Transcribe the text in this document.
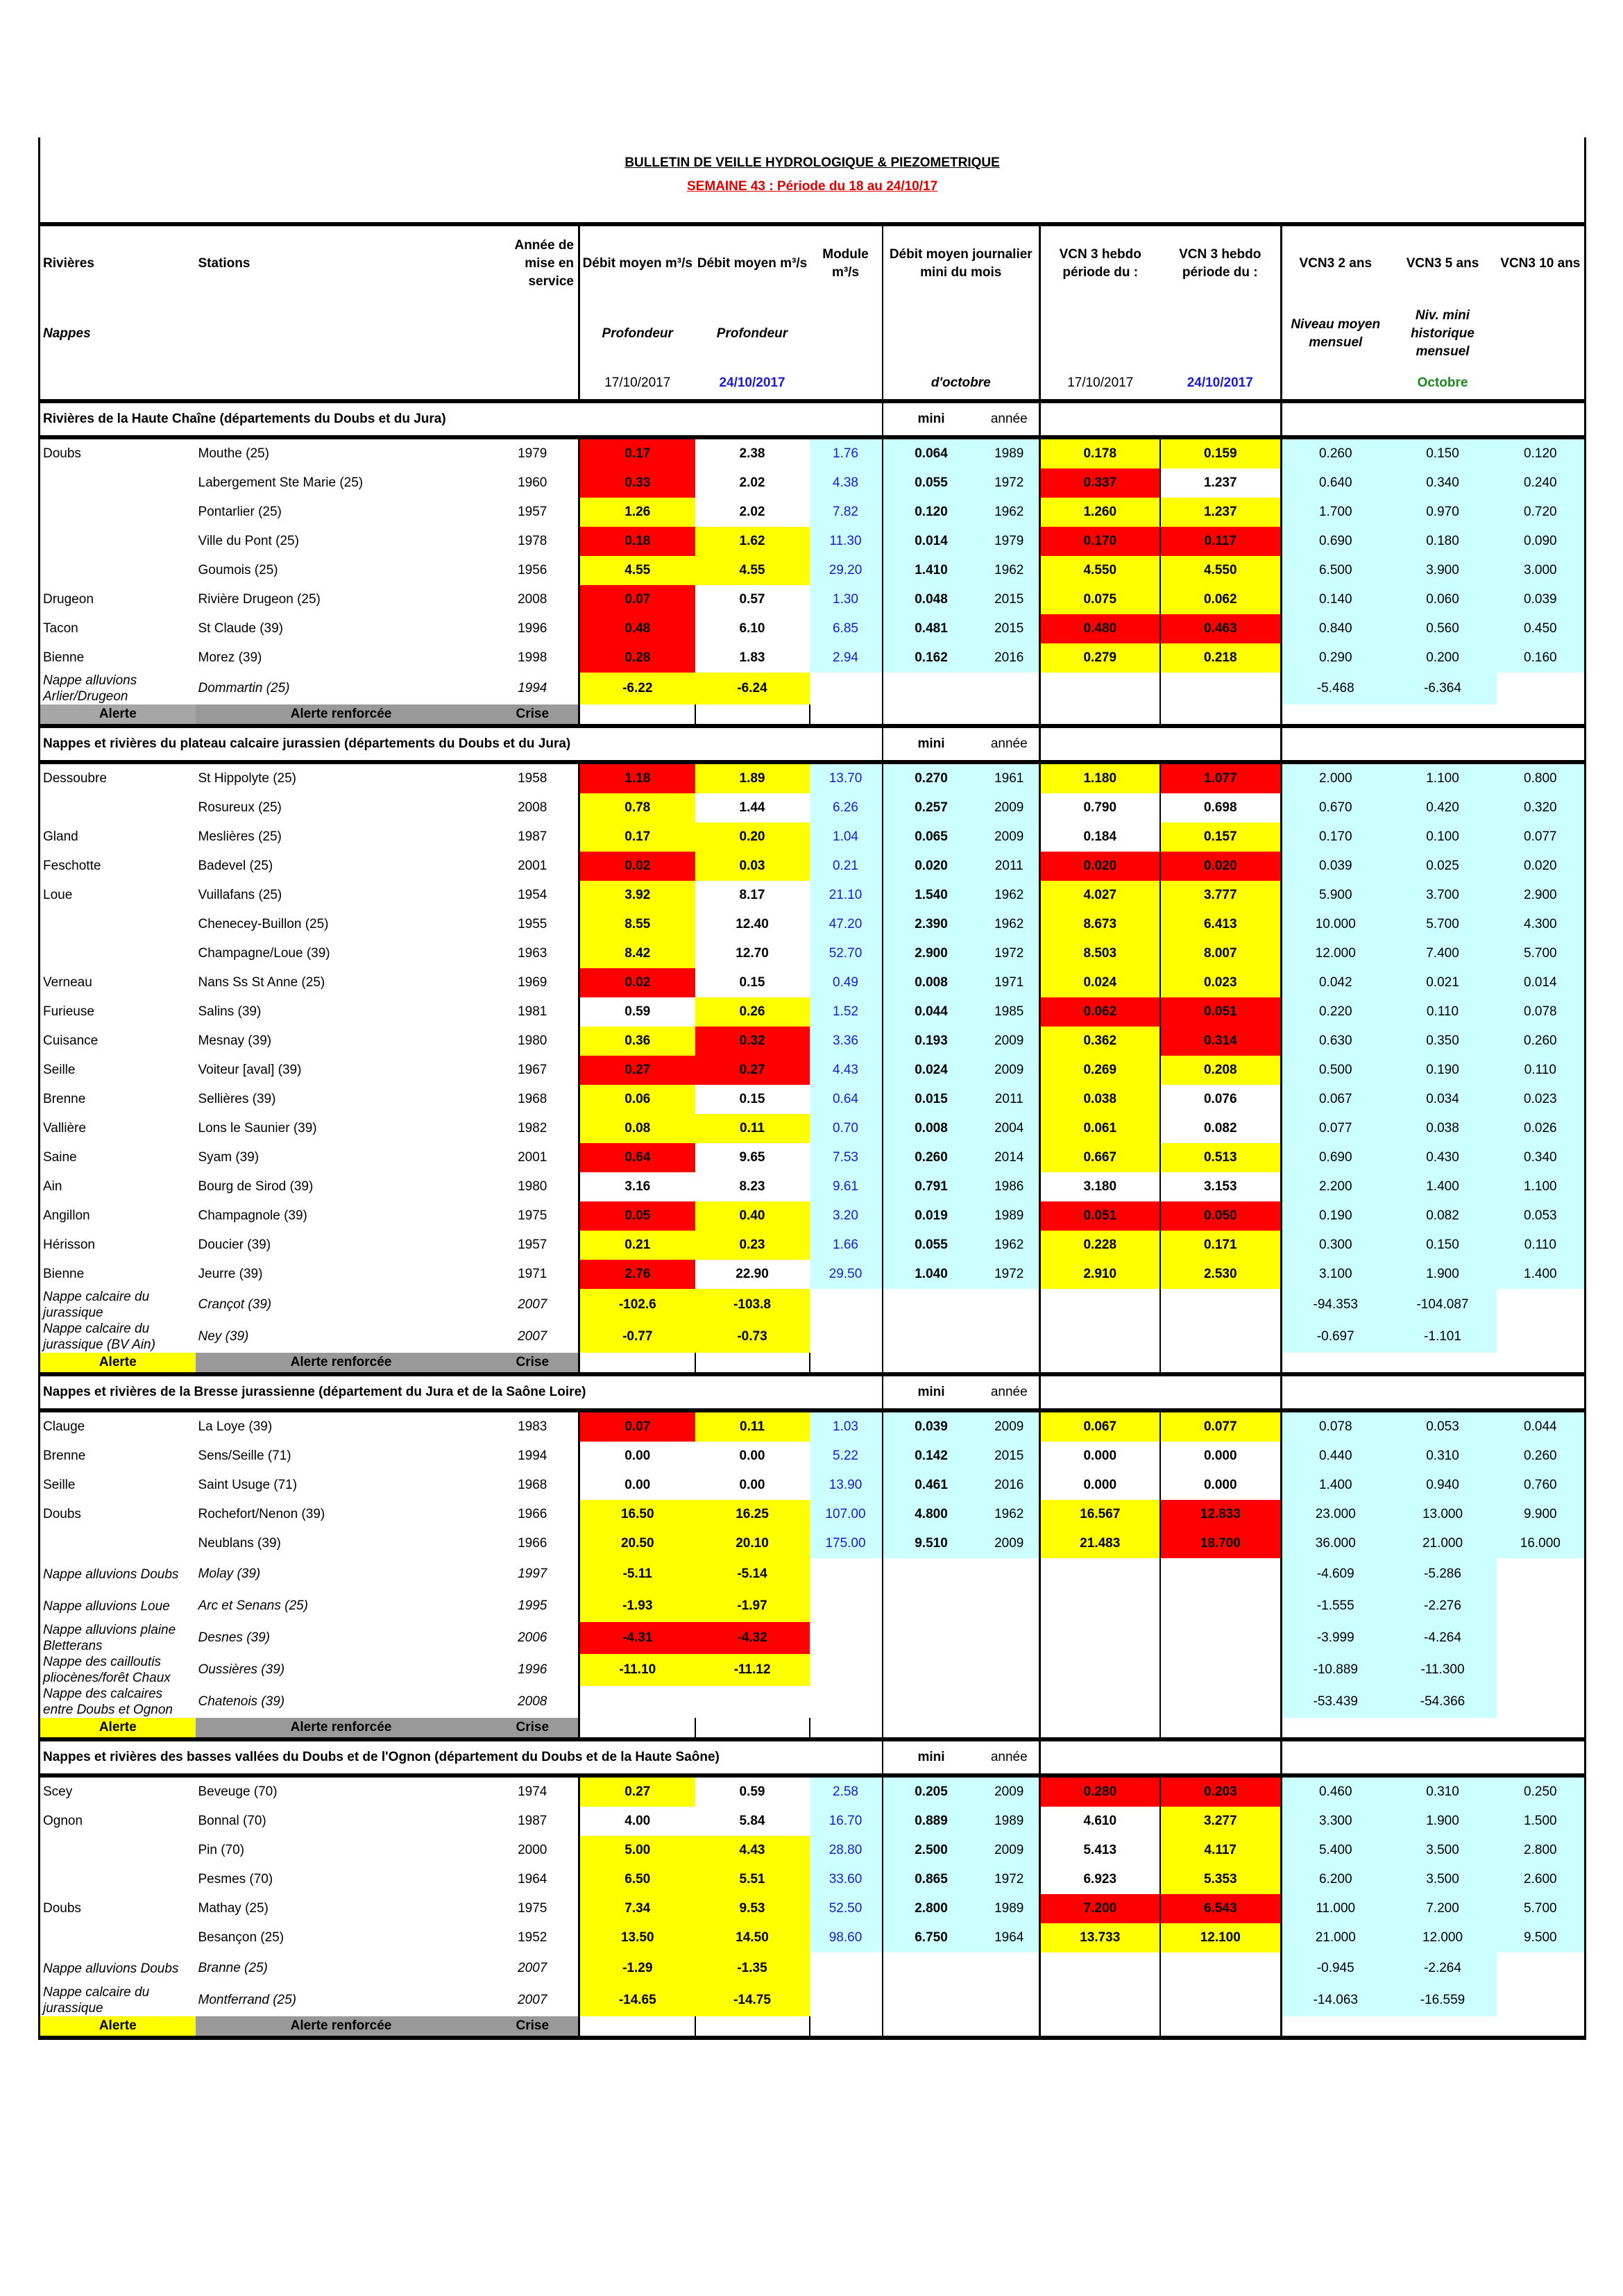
BULLETIN DE VEILLE HYDROLOGIQUE & PIEZOMETRIQUE												
SEMAINE 43 : Période du 18 au 24/10/17												

Rivières	Stations	Année de mise en service	Débit moyen m³/s	Débit moyen m³/s	Module m³/s	Débit moyen journalier mini du mois		VCN 3 hebdo période du :	VCN 3 hebdo période du :	VCN3 2 ans	VCN3 5 ans	VCN3 10 ans
Nappes			Profondeur	Profondeur						Niveau moyen mensuel	Niv. mini historique mensuel	
			17/10/2017	24/10/2017		d'octobre		17/10/2017	24/10/2017		Octobre	
Rivières de la Haute Chaîne (départements du Doubs et du Jura)						mini	année					
Doubs	Mouthe (25)	1979	0.17	2.38	1.76	0.064	1989	0.178	0.159	0.260	0.150	0.120
	Labergement Ste Marie (25)	1960	0.33	2.02	4.38	0.055	1972	0.337	1.237	0.640	0.340	0.240
	Pontarlier (25)	1957	1.26	2.02	7.82	0.120	1962	1.260	1.237	1.700	0.970	0.720
	Ville du Pont (25)	1978	0.18	1.62	11.30	0.014	1979	0.170	0.117	0.690	0.180	0.090
	Goumois (25)	1956	4.55	4.55	29.20	1.410	1962	4.550	4.550	6.500	3.900	3.000
Drugeon	Rivière Drugeon (25)	2008	0.07	0.57	1.30	0.048	2015	0.075	0.062	0.140	0.060	0.039
Tacon	St Claude (39)	1996	0.48	6.10	6.85	0.481	2015	0.480	0.463	0.840	0.560	0.450
Bienne	Morez (39)	1998	0.28	1.83	2.94	0.162	2016	0.279	0.218	0.290	0.200	0.160
Nappe alluvions Arlier/Drugeon	Dommartin (25)	1994	-6.22	-6.24						-5.468	-6.364	
Alerte	Alerte renforcée	Crise										
Nappes et rivières du plateau calcaire jurassien (départements du Doubs et du Jura)						mini	année					
Dessoubre	St Hippolyte (25)	1958	1.18	1.89	13.70	0.270	1961	1.180	1.077	2.000	1.100	0.800
	Rosureux (25)	2008	0.78	1.44	6.26	0.257	2009	0.790	0.698	0.670	0.420	0.320
Gland	Meslières (25)	1987	0.17	0.20	1.04	0.065	2009	0.184	0.157	0.170	0.100	0.077
Feschotte	Badevel (25)	2001	0.02	0.03	0.21	0.020	2011	0.020	0.020	0.039	0.025	0.020
Loue	Vuillafans (25)	1954	3.92	8.17	21.10	1.540	1962	4.027	3.777	5.900	3.700	2.900
	Chenecey-Buillon (25)	1955	8.55	12.40	47.20	2.390	1962	8.673	6.413	10.000	5.700	4.300
	Champagne/Loue (39)	1963	8.42	12.70	52.70	2.900	1972	8.503	8.007	12.000	7.400	5.700
Verneau	Nans Ss St Anne (25)	1969	0.02	0.15	0.49	0.008	1971	0.024	0.023	0.042	0.021	0.014
Furieuse	Salins (39)	1981	0.59	0.26	1.52	0.044	1985	0.062	0.051	0.220	0.110	0.078
Cuisance	Mesnay (39)	1980	0.36	0.32	3.36	0.193	2009	0.362	0.314	0.630	0.350	0.260
Seille	Voiteur [aval] (39)	1967	0.27	0.27	4.43	0.024	2009	0.269	0.208	0.500	0.190	0.110
Brenne	Sellières (39)	1968	0.06	0.15	0.64	0.015	2011	0.038	0.076	0.067	0.034	0.023
Vallière	Lons le Saunier (39)	1982	0.08	0.11	0.70	0.008	2004	0.061	0.082	0.077	0.038	0.026
Saine	Syam (39)	2001	0.64	9.65	7.53	0.260	2014	0.667	0.513	0.690	0.430	0.340
Ain	Bourg de Sirod (39)	1980	3.16	8.23	9.61	0.791	1986	3.180	3.153	2.200	1.400	1.100
Angillon	Champagnole (39)	1975	0.05	0.40	3.20	0.019	1989	0.051	0.050	0.190	0.082	0.053
Hérisson	Doucier (39)	1957	0.21	0.23	1.66	0.055	1962	0.228	0.171	0.300	0.150	0.110
Bienne	Jeurre (39)	1971	2.76	22.90	29.50	1.040	1972	2.910	2.530	3.100	1.900	1.400
Nappe calcaire du jurassique	Crançot (39)	2007	-102.6	-103.8						-94.353	-104.087	
Nappe calcaire du jurassique (BV Ain)	Ney (39)	2007	-0.77	-0.73						-0.697	-1.101	
Alerte	Alerte renforcée	Crise										
Nappes et rivières de la Bresse jurassienne (département du Jura et de la Saône Loire)						mini	année					
Clauge	La Loye (39)	1983	0.07	0.11	1.03	0.039	2009	0.067	0.077	0.078	0.053	0.044
Brenne	Sens/Seille (71)	1994	0.00	0.00	5.22	0.142	2015	0.000	0.000	0.440	0.310	0.260
Seille	Saint Usuge (71)	1968	0.00	0.00	13.90	0.461	2016	0.000	0.000	1.400	0.940	0.760
Doubs	Rochefort/Nenon (39)	1966	16.50	16.25	107.00	4.800	1962	16.567	12.833	23.000	13.000	9.900
	Neublans (39)	1966	20.50	20.10	175.00	9.510	2009	21.483	18.700	36.000	21.000	16.000
Nappe alluvions Doubs	Molay (39)	1997	-5.11	-5.14						-4.609	-5.286	
Nappe alluvions Loue	Arc et Senans (25)	1995	-1.93	-1.97						-1.555	-2.276	
Nappe alluvions plaine Bletterans	Desnes (39)	2006	-4.31	-4.32						-3.999	-4.264	
Nappe des cailloutis pliocènes/forêt Chaux	Oussières (39)	1996	-11.10	-11.12						-10.889	-11.300	
Nappe des calcaires entre Doubs et Ognon	Chatenois (39)	2008								-53.439	-54.366	
Alerte	Alerte renforcée	Crise										
Nappes et rivières des basses vallées du Doubs et de l'Ognon (département du Doubs et de la Haute Saône)						mini	année					
Scey	Beveuge (70)	1974	0.27	0.59	2.58	0.205	2009	0.280	0.203	0.460	0.310	0.250
Ognon	Bonnal (70)	1987	4.00	5.84	16.70	0.889	1989	4.610	3.277	3.300	1.900	1.500
	Pin (70)	2000	5.00	4.43	28.80	2.500	2009	5.413	4.117	5.400	3.500	2.800
	Pesmes (70)	1964	6.50	5.51	33.60	0.865	1972	6.923	5.353	6.200	3.500	2.600
Doubs	Mathay (25)	1975	7.34	9.53	52.50	2.800	1989	7.200	6.543	11.000	7.200	5.700
	Besançon (25)	1952	13.50	14.50	98.60	6.750	1964	13.733	12.100	21.000	12.000	9.500
Nappe alluvions Doubs	Branne (25)	2007	-1.29	-1.35						-0.945	-2.264	
Nappe calcaire du jurassique	Montferrand (25)	2007	-14.65	-14.75						-14.063	-16.559	
Alerte	Alerte renforcée	Crise										
